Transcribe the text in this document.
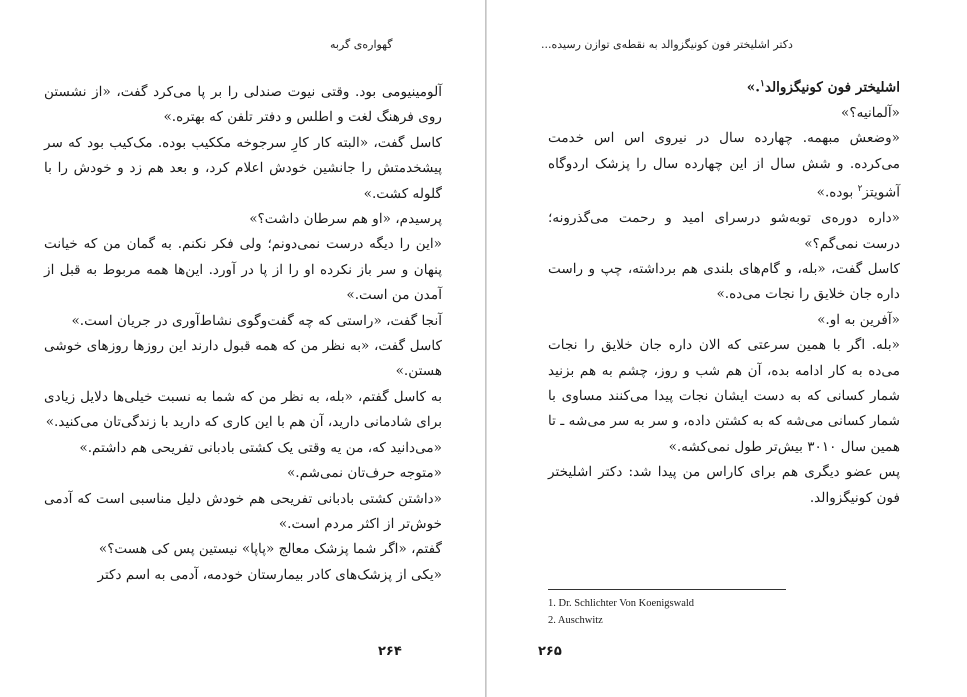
گهواره‌ی گربه

آلومینیومی بود. وقتی نیوت صندلی را بر پا می‌کرد گفت، «از نشستن روی فرهنگ لغت و اطلس و دفتر تلفن که بهتره.»

کاسل گفت، «البته کار کارِ سرجوخه مککیب بوده. مک‌کیب بود که سر پیشخدمتش را جانشین خودش اعلام کرد، و بعد هم زد و خودش را با گلوله کشت.»

پرسیدم، «او هم سرطان داشت؟»

«این را دیگه درست نمی‌دونم؛ ولی فکر نکنم. به گمان من که خیانت پنهان و سر باز نکرده او را از پا در آورد. این‌ها همه مربوط به قبل از آمدن من است.»

آنجا گفت، «راستی که چه گفت‌وگوی نشاط‌آوری در جریان است.»

کاسل گفت، «به نظر من که همه قبول دارند این روزها روزهای خوشی هستن.»

به کاسل گفتم، «بله، به نظر من که شما به نسبت خیلی‌ها دلایل زیادی برای شادمانی دارید، آن هم با این کاری که دارید با زندگی‌تان می‌کنید.»

«می‌دانید که، من یه وقتی یک کشتی بادبانی تفریحی هم داشتم.»

«متوجه حرف‌تان نمی‌شم.»

«داشتن کشتی بادبانی تفریحی هم خودش دلیل مناسبی است که آدمی خوش‌تر از اکثر مردم است.»

گفتم، «اگر شما پزشک معالج «پاپا» نیستین پس کی هست؟»

«یکی از پزشک‌های کادر بیمارستان خودمه، آدمی به اسم دکتر

۲۶۴
دکتر اشلیختر فون کونیگزوالد به نقطه‌ی توازن رسیده...

اشلیختر فون کونیگزوالد$^۱$.»

«آلمانیه؟»

«وضعش مبهمه. چهارده سال در نیروی اس اس خدمت می‌کرده. و شش سال از این چهارده سال را پزشک اردوگاه آشویتز$^۲$ بوده.»

«داره دوره‌ی توبه‌شو درسرای امید و رحمت می‌گذرونه؛ درست نمی‌گم؟»

کاسل گفت، «بله، و گام‌های بلندی هم برداشته، چپ و راست داره جان خلایق را نجات می‌ده.»

«آفرین به او.»

«بله. اگر با همین سرعتی که الان داره جان خلایق را نجات می‌ده به کار ادامه بده، آن هم شب و روز، چشم به هم بزنید شمار کسانی که به دست ایشان نجات پیدا می‌کنند مساوی با شمار کسانی می‌شه که به کشتن داده، و سر به سر می‌شه ـ تا همین سال ۳۰۱۰ بیش‌تر طول نمی‌کشه.»

پس عضو دیگری هم برای کاراس من پیدا شد: دکتر اشلیختر فون کونیگزوالد.

1. Dr. Schlichter Von Koenigswald

2. Auschwitz

۲۶۵
